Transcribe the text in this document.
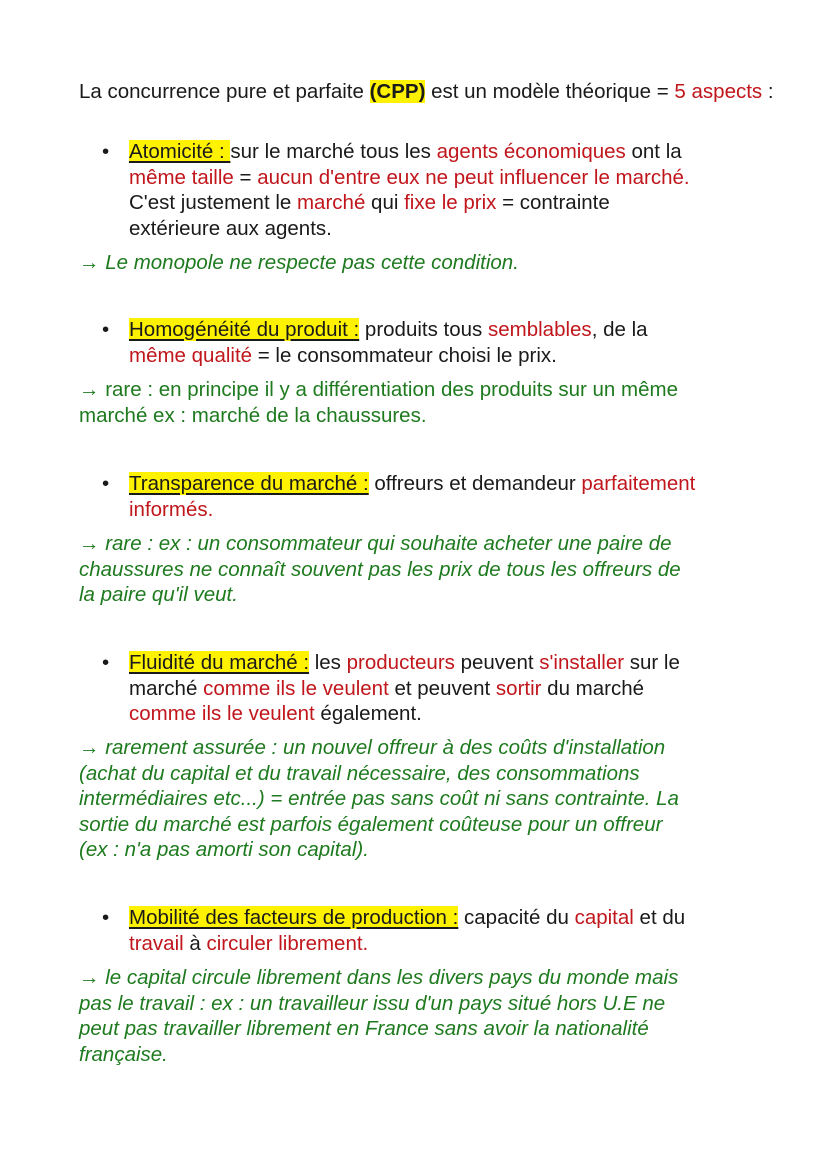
La concurrence pure et parfaite (CPP) est un modèle théorique = 5 aspects :

• Atomicité : sur le marché tous les agents économiques ont la
même taille = aucun d'entre eux ne peut influencer le marché.
C'est justement le marché qui fixe le prix = contrainte
extérieure aux agents.
→ Le monopole ne respecte pas cette condition.
• Homogénéité du produit : produits tous semblables, de la
même qualité = le consommateur choisi le prix.
→ rare : en principe il y a différentiation des produits sur un même
marché ex : marché de la chaussures.
• Transparence du marché : offreurs et demandeur parfaitement
informés.
→ rare : ex : un consommateur qui souhaite acheter une paire de
chaussures ne connaît souvent pas les prix de tous les offreurs de
la paire qu'il veut.
• Fluidité du marché : les producteurs peuvent s'installer sur le
marché comme ils le veulent et peuvent sortir du marché
comme ils le veulent également.
→ rarement assurée : un nouvel offreur à des coûts d'installation
(achat du capital et du travail nécessaire, des consommations
intermédiaires etc...) = entrée pas sans coût ni sans contrainte. La
sortie du marché est parfois également coûteuse pour un offreur
(ex : n'a pas amorti son capital).
• Mobilité des facteurs de production : capacité du capital et du
travail à circuler librement.
→ le capital circule librement dans les divers pays du monde mais
pas le travail : ex : un travailleur issu d'un pays situé hors U.E ne
peut pas travailler librement en France sans avoir la nationalité
française.
